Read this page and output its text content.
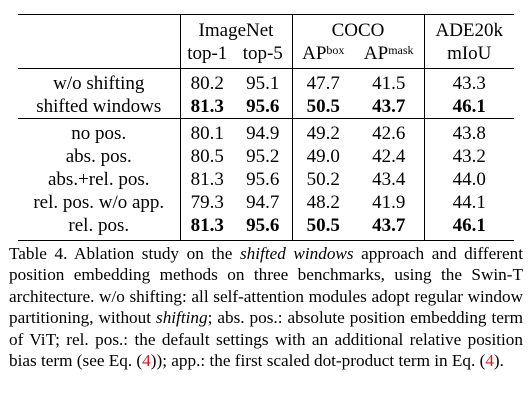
	ImageNet		COCO		ADE20k
	top-1	top-5	$AP^{box}$	$AP^{mask}$	mIoU
w/o shifting	80.2	95.1	47.7	41.5	43.3
shifted windows	81.3	95.6	50.5	43.7	46.1
no pos.	80.1	94.9	49.2	42.6	43.8
abs. pos.	80.5	95.2	49.0	42.4	43.2
abs.+rel. pos.	81.3	95.6	50.2	43.4	44.0
rel. pos. w/o app.	79.3	94.7	48.2	41.9	44.1
rel. pos.	81.3	95.6	50.5	43.7	46.1
Table 4. Ablation study on the shifted windows approach and different position embedding methods on three benchmarks, using the Swin-T architecture. w/o shifting: all self-attention modules adopt regular window partitioning, without shifting; abs. pos.: absolute position embedding term of ViT; rel. pos.: the default settings with an additional relative position bias term (see Eq. (4)); app.: the first scaled dot-product term in Eq. (4).
